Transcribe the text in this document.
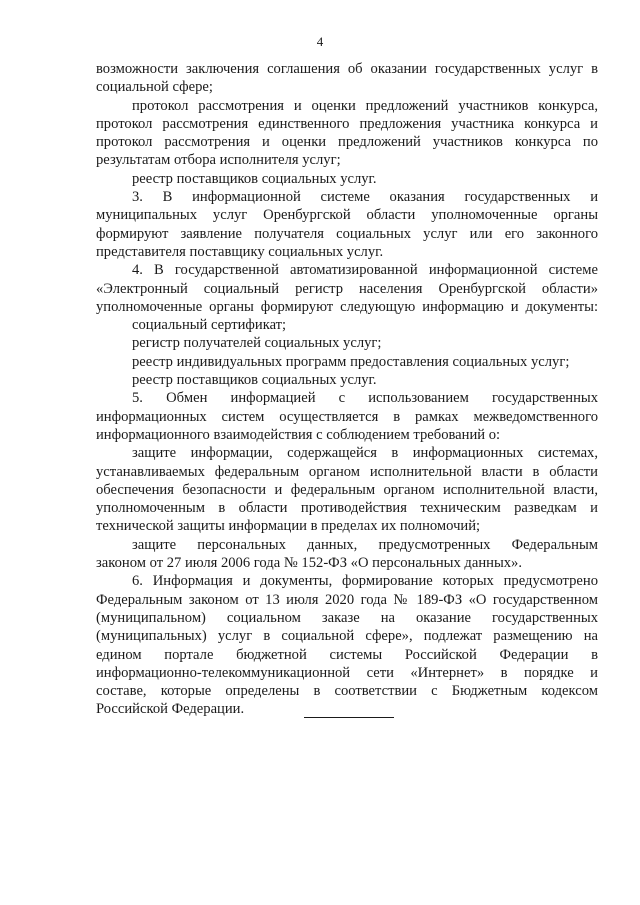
4
возможности заключения соглашения об оказании государственных услуг в
социальной сфере;
протокол рассмотрения и оценки предложений участников конкурса,
протокол рассмотрения единственного предложения участника конкурса и
протокол рассмотрения и оценки предложений участников конкурса по
результатам отбора исполнителя услуг;
реестр поставщиков социальных услуг.
3. В информационной системе оказания государственных и
муниципальных услуг Оренбургской области уполномоченные органы
формируют заявление получателя социальных услуг или его законного
представителя поставщику социальных услуг.
4. В государственной автоматизированной информационной системе
«Электронный социальный регистр населения Оренбургской области»
уполномоченные органы формируют следующую информацию и документы:
социальный сертификат;
регистр получателей социальных услуг;
реестр индивидуальных программ предоставления социальных услуг;
реестр поставщиков социальных услуг.
5. Обмен информацией с использованием государственных
информационных систем осуществляется в рамках межведомственного
информационного взаимодействия с соблюдением требований о:
защите информации, содержащейся в информационных системах,
устанавливаемых федеральным органом исполнительной власти в области
обеспечения безопасности и федеральным органом исполнительной власти,
уполномоченным в области противодействия техническим разведкам и
технической защиты информации в пределах их полномочий;
защите персональных данных, предусмотренных Федеральным
законом от 27 июля 2006 года № 152-ФЗ «О персональных данных».
6. Информация и документы, формирование которых предусмотрено
Федеральным законом от 13 июля 2020 года № 189-ФЗ «О государственном
(муниципальном) социальном заказе на оказание государственных
(муниципальных) услуг в социальной сфере», подлежат размещению на
едином портале бюджетной системы Российской Федерации в
информационно-телекоммуникационной сети «Интернет» в порядке и
составе, которые определены в соответствии с Бюджетным кодексом
Российской Федерации.
